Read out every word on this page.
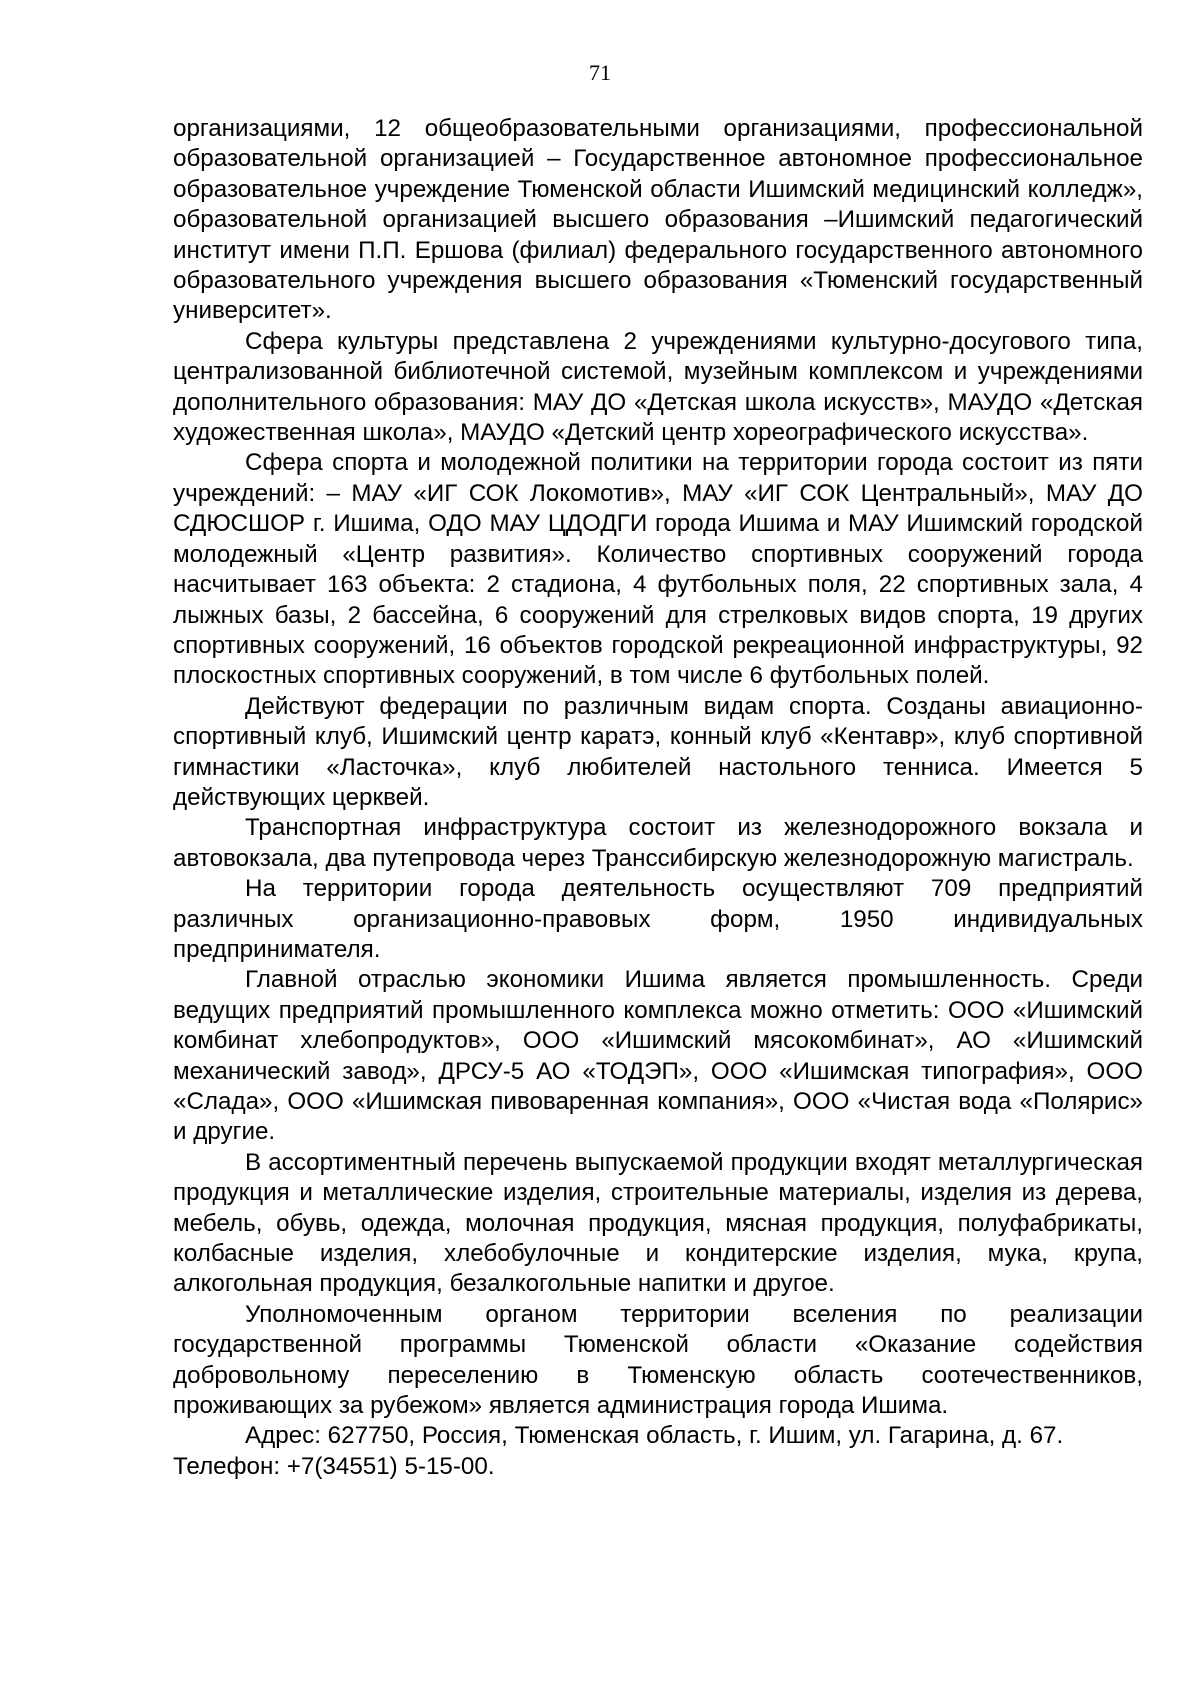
71

организациями, 12 общеобразовательными организациями, профессиональной образовательной организацией – Государственное автономное профессиональное образовательное учреждение Тюменской области Ишимский медицинский колледж», образовательной организацией высшего образования –Ишимский педагогический институт имени П.П. Ершова (филиал) федерального государственного автономного образовательного учреждения высшего образования «Тюменский государственный университет».

Сфера культуры представлена 2 учреждениями культурно-досугового типа, централизованной библиотечной системой, музейным комплексом и учреждениями дополнительного образования: МАУ ДО «Детская школа искусств», МАУДО «Детская художественная школа», МАУДО «Детский центр хореографического искусства».

Сфера спорта и молодежной политики на территории города состоит из пяти учреждений: – МАУ «ИГ СОК Локомотив», МАУ «ИГ СОК Центральный», МАУ ДО СДЮСШОР г. Ишима, ОДО МАУ ЦДОДГИ города Ишима и МАУ Ишимский городской молодежный «Центр развития». Количество спортивных сооружений города насчитывает 163 объекта: 2 стадиона, 4 футбольных поля, 22 спортивных зала, 4 лыжных базы, 2 бассейна, 6 сооружений для стрелковых видов спорта, 19 других спортивных сооружений, 16 объектов городской рекреационной инфраструктуры, 92 плоскостных спортивных сооружений, в том числе 6 футбольных полей.

Действуют федерации по различным видам спорта. Созданы авиационно-спортивный клуб, Ишимский центр каратэ, конный клуб «Кентавр», клуб спортивной гимнастики «Ласточка», клуб любителей настольного тенниса. Имеется 5 действующих церквей.

Транспортная инфраструктура состоит из железнодорожного вокзала и автовокзала, два путепровода через Транссибирскую железнодорожную магистраль.

На территории города деятельность осуществляют 709 предприятий различных организационно-правовых форм, 1950 индивидуальных предпринимателя.

Главной отраслью экономики Ишима является промышленность. Среди ведущих предприятий промышленного комплекса можно отметить: ООО «Ишимский комбинат хлебопродуктов», ООО «Ишимский мясокомбинат», АО «Ишимский механический завод», ДРСУ-5 АО «ТОДЭП», ООО «Ишимская типография», ООО «Слада», ООО «Ишимская пивоваренная компания», ООО «Чистая вода «Полярис» и другие.

В ассортиментный перечень выпускаемой продукции входят металлургическая продукция и металлические изделия, строительные материалы, изделия из дерева, мебель, обувь, одежда, молочная продукция, мясная продукция, полуфабрикаты, колбасные изделия, хлебобулочные и кондитерские изделия, мука, крупа, алкогольная продукция, безалкогольные напитки и другое.

Уполномоченным органом территории вселения по реализации государственной программы Тюменской области «Оказание содействия добровольному переселению в Тюменскую область соотечественников, проживающих за рубежом» является администрация города Ишима.

Адрес: 627750, Россия, Тюменская область, г. Ишим, ул. Гагарина, д. 67.

Телефон: +7(34551) 5-15-00.
